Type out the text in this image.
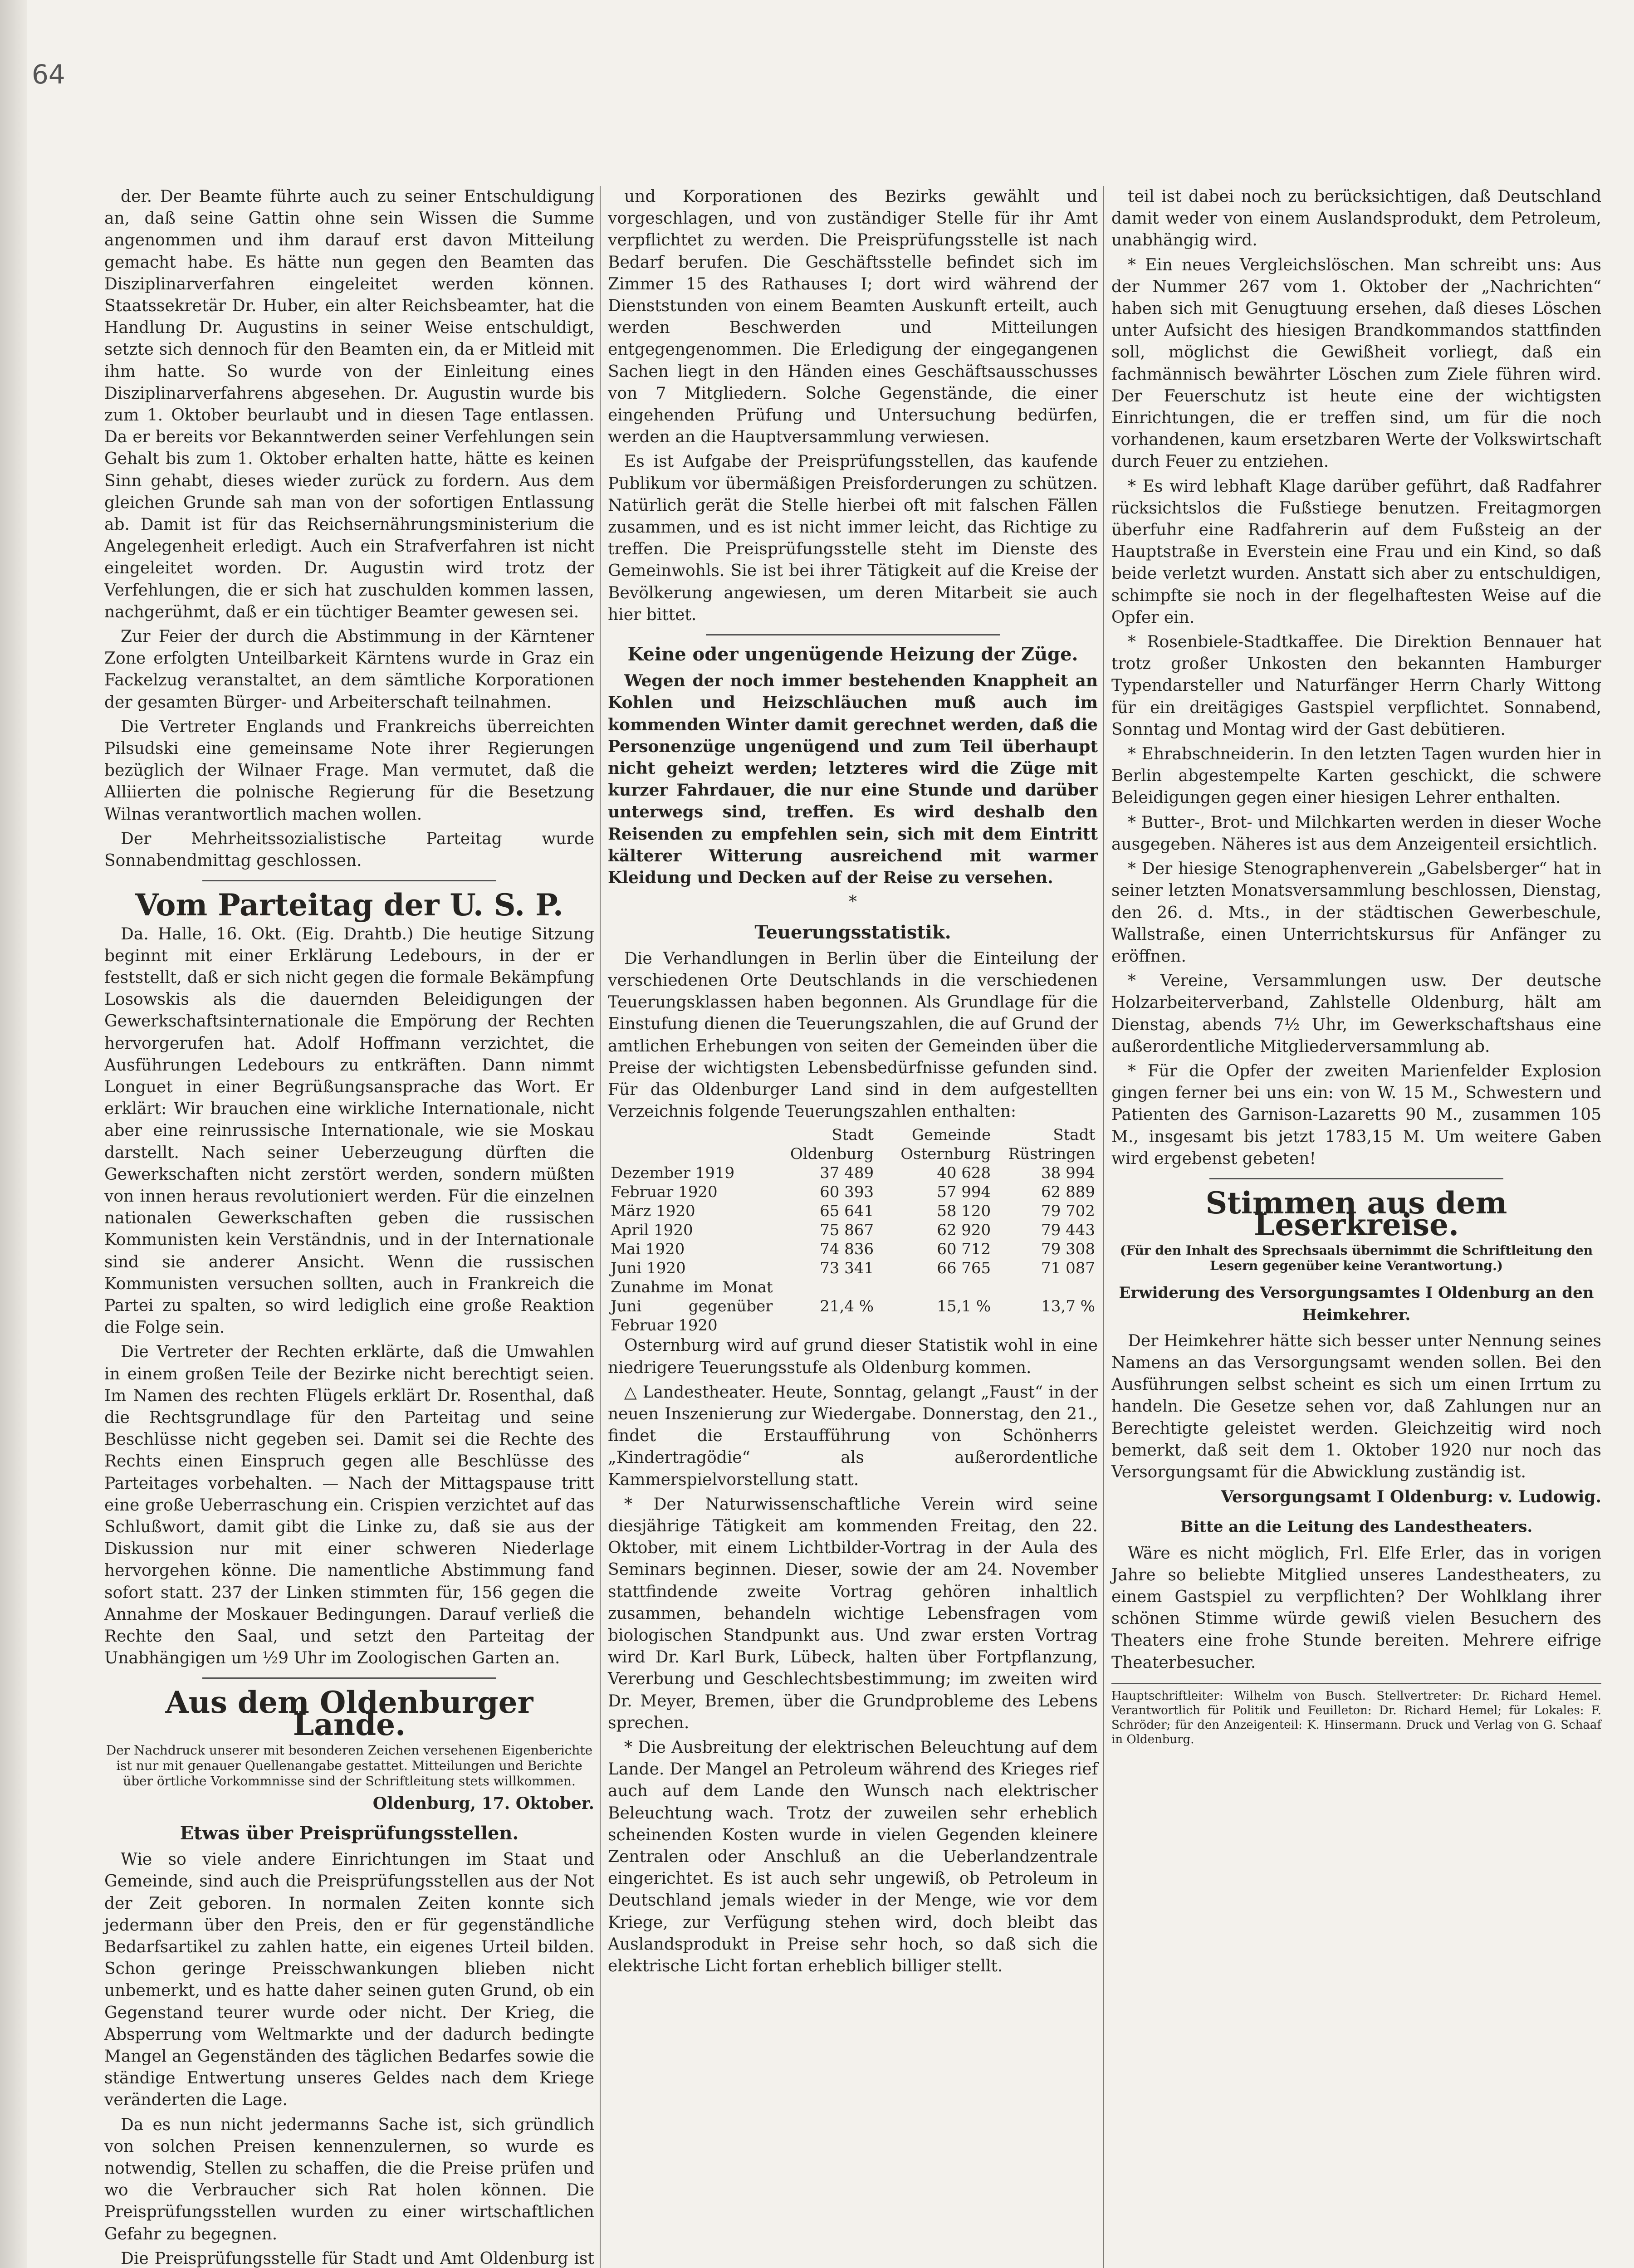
64

der. Der Beamte führte auch zu seiner Entschuldigung an, daß seine Gattin ohne sein Wissen die Summe angenommen und ihm darauf erst davon Mitteilung gemacht habe. Es hätte nun gegen den Beamten das Disziplinarverfahren eingeleitet werden können. Staatssekretär Dr. Huber, ein alter Reichsbeamter, hat die Handlung Dr. Augustins in seiner Weise entschuldigt, setzte sich dennoch für den Beamten ein, da er Mitleid mit ihm hatte. So wurde von der Einleitung eines Disziplinarverfahrens abgesehen. Dr. Augustin wurde bis zum 1. Oktober beurlaubt und in diesen Tage entlassen. Da er bereits vor Bekanntwerden seiner Verfehlungen sein Gehalt bis zum 1. Oktober erhalten hatte, hätte es keinen Sinn gehabt, dieses wieder zurück zu fordern. Aus dem gleichen Grunde sah man von der sofortigen Entlassung ab. Damit ist für das Reichsernährungsministerium die Angelegenheit erledigt. Auch ein Strafverfahren ist nicht eingeleitet worden. Dr. Augustin wird trotz der Verfehlungen, die er sich hat zuschulden kommen lassen, nachgerühmt, daß er ein tüchtiger Beamter gewesen sei.

Zur Feier der durch die Abstimmung in der Kärntener Zone erfolgten Unteilbarkeit Kärntens wurde in Graz ein Fackelzug veranstaltet, an dem sämtliche Korporationen der gesamten Bürger- und Arbeiterschaft teilnahmen.

Die Vertreter Englands und Frankreichs überreichten Pilsudski eine gemeinsame Note ihrer Regierungen bezüglich der Wilnaer Frage. Man vermutet, daß die Alliierten die polnische Regierung für die Besetzung Wilnas verantwortlich machen wollen.

Der Mehrheitssozialistische Parteitag wurde Sonnabendmittag geschlossen.

Vom Parteitag der U. S. P.

Da. Halle, 16. Okt. (Eig. Drahtb.) Die heutige Sitzung beginnt mit einer Erklärung Ledebours, in der er feststellt, daß er sich nicht gegen die formale Bekämpfung Losowskis als die dauernden Beleidigungen der Gewerkschaftsinternationale die Empörung der Rechten hervorgerufen hat. Adolf Hoffmann verzichtet, die Ausführungen Ledebours zu entkräften. Dann nimmt Longuet in einer Begrüßungsansprache das Wort. Er erklärt: Wir brauchen eine wirkliche Internationale, nicht aber eine reinrussische Internationale, wie sie Moskau darstellt. Nach seiner Ueberzeugung dürften die Gewerkschaften nicht zerstört werden, sondern müßten von innen heraus revolutioniert werden. Für die einzelnen nationalen Gewerkschaften geben die russischen Kommunisten kein Verständnis, und in der Internationale sind sie anderer Ansicht. Wenn die russischen Kommunisten versuchen sollten, auch in Frankreich die Partei zu spalten, so wird lediglich eine große Reaktion die Folge sein.

Die Vertreter der Rechten erklärte, daß die Umwahlen in einem großen Teile der Bezirke nicht berechtigt seien. Im Namen des rechten Flügels erklärt Dr. Rosenthal, daß die Rechtsgrundlage für den Parteitag und seine Beschlüsse nicht gegeben sei. Damit sei die Rechte des Rechts einen Einspruch gegen alle Beschlüsse des Parteitages vorbehalten. — Nach der Mittagspause tritt eine große Ueberraschung ein. Crispien verzichtet auf das Schlußwort, damit gibt die Linke zu, daß sie aus der Diskussion nur mit einer schweren Niederlage hervorgehen könne. Die namentliche Abstimmung fand sofort statt. 237 der Linken stimmten für, 156 gegen die Annahme der Moskauer Bedingungen. Darauf verließ die Rechte den Saal, und setzt den Parteitag der Unabhängigen um ½9 Uhr im Zoologischen Garten an.

Aus dem Oldenburger Lande.
Der Nachdruck unserer mit besonderen Zeichen versehenen Eigenberichte ist nur mit genauer Quellenangabe gestattet. Mitteilungen und Berichte über örtliche Vorkommnisse sind der Schriftleitung stets willkommen.
Oldenburg, 17. Oktober.
Etwas über Preisprüfungsstellen.

Wie so viele andere Einrichtungen im Staat und Gemeinde, sind auch die Preisprüfungsstellen aus der Not der Zeit geboren. In normalen Zeiten konnte sich jedermann über den Preis, den er für gegenständliche Bedarfsartikel zu zahlen hatte, ein eigenes Urteil bilden. Schon geringe Preisschwankungen blieben nicht unbemerkt, und es hatte daher seinen guten Grund, ob ein Gegenstand teurer wurde oder nicht. Der Krieg, die Absperrung vom Weltmarkte und der dadurch bedingte Mangel an Gegenständen des täglichen Bedarfes sowie die ständige Entwertung unseres Geldes nach dem Kriege veränderten die Lage.

Da es nun nicht jedermanns Sache ist, sich gründlich von solchen Preisen kennenzulernen, so wurde es notwendig, Stellen zu schaffen, die die Preise prüfen und wo die Verbraucher sich Rat holen können. Die Preisprüfungsstellen wurden zu einer wirtschaftlichen Gefahr zu begegnen.

Die Preisprüfungsstelle für Stadt und Amt Oldenburg ist

und Korporationen des Bezirks gewählt und vorgeschlagen, und von zuständiger Stelle für ihr Amt verpflichtet zu werden. Die Preisprüfungsstelle ist nach Bedarf berufen. Die Geschäftsstelle befindet sich im Zimmer 15 des Rathauses I; dort wird während der Dienststunden von einem Beamten Auskunft erteilt, auch werden Beschwerden und Mitteilungen entgegengenommen. Die Erledigung der eingegangenen Sachen liegt in den Händen eines Geschäftsausschusses von 7 Mitgliedern. Solche Gegenstände, die einer eingehenden Prüfung und Untersuchung bedürfen, werden an die Hauptversammlung verwiesen.

Es ist Aufgabe der Preisprüfungsstellen, das kaufende Publikum vor übermäßigen Preisforderungen zu schützen. Natürlich gerät die Stelle hierbei oft mit falschen Fällen zusammen, und es ist nicht immer leicht, das Richtige zu treffen. Die Preisprüfungsstelle steht im Dienste des Gemeinwohls. Sie ist bei ihrer Tätigkeit auf die Kreise der Bevölkerung angewiesen, um deren Mitarbeit sie auch hier bittet.

Keine oder ungenügende Heizung der Züge.

Wegen der noch immer bestehenden Knappheit an Kohlen und Heizschläuchen muß auch im kommenden Winter damit gerechnet werden, daß die Personenzüge ungenügend und zum Teil überhaupt nicht geheizt werden; letzteres wird die Züge mit kurzer Fahrdauer, die nur eine Stunde und darüber unterwegs sind, treffen. Es wird deshalb den Reisenden zu empfehlen sein, sich mit dem Eintritt kälterer Witterung ausreichend mit warmer Kleidung und Decken auf der Reise zu versehen.

*
Teuerungsstatistik.

Die Verhandlungen in Berlin über die Einteilung der verschiedenen Orte Deutschlands in die verschiedenen Teuerungsklassen haben begonnen. Als Grundlage für die Einstufung dienen die Teuerungszahlen, die auf Grund der amtlichen Erhebungen von seiten der Gemeinden über die Preise der wichtigsten Lebensbedürfnisse gefunden sind. Für das Oldenburger Land sind in dem aufgestellten Verzeichnis folgende Teuerungszahlen enthalten:

	Stadt Oldenburg	Gemeinde Osternburg	Stadt Rüstringen
Dezember 1919	37 489	40 628	38 994
Februar 1920	60 393	57 994	62 889
März 1920	65 641	58 120	79 702
April 1920	75 867	62 920	79 443
Mai 1920	74 836	60 712	79 308
Juni 1920	73 341	66 765	71 087
Zunahme im Monat Juni gegenüber Februar 1920	21,4 %	15,1 %	13,7 %

Osternburg wird auf grund dieser Statistik wohl in eine niedrigere Teuerungsstufe als Oldenburg kommen.

△ Landestheater. Heute, Sonntag, gelangt „Faust“ in der neuen Inszenierung zur Wiedergabe. Donnerstag, den 21., findet die Erstaufführung von Schönherrs „Kindertragödie“ als außerordentliche Kammerspielvorstellung statt.

* Der Naturwissenschaftliche Verein wird seine diesjährige Tätigkeit am kommenden Freitag, den 22. Oktober, mit einem Lichtbilder-Vortrag in der Aula des Seminars beginnen. Dieser, sowie der am 24. November stattfindende zweite Vortrag gehören inhaltlich zusammen, behandeln wichtige Lebensfragen vom biologischen Standpunkt aus. Und zwar ersten Vortrag wird Dr. Karl Burk, Lübeck, halten über Fortpflanzung, Vererbung und Geschlechtsbestimmung; im zweiten wird Dr. Meyer, Bremen, über die Grundprobleme des Lebens sprechen.

* Die Ausbreitung der elektrischen Beleuchtung auf dem Lande. Der Mangel an Petroleum während des Krieges rief auch auf dem Lande den Wunsch nach elektrischer Beleuchtung wach. Trotz der zuweilen sehr erheblich scheinenden Kosten wurde in vielen Gegenden kleinere Zentralen oder Anschluß an die Ueberlandzentrale eingerichtet. Es ist auch sehr ungewiß, ob Petroleum in Deutschland jemals wieder in der Menge, wie vor dem Kriege, zur Verfügung stehen wird, doch bleibt das Auslandsprodukt in Preise sehr hoch, so daß sich die elektrische Licht fortan erheblich billiger stellt.

teil ist dabei noch zu berücksichtigen, daß Deutschland damit weder von einem Auslandsprodukt, dem Petroleum, unabhängig wird.

* Ein neues Vergleichslöschen. Man schreibt uns: Aus der Nummer 267 vom 1. Oktober der „Nachrichten“ haben sich mit Genugtuung ersehen, daß dieses Löschen unter Aufsicht des hiesigen Brandkommandos stattfinden soll, möglichst die Gewißheit vorliegt, daß ein fachmännisch bewährter Löschen zum Ziele führen wird. Der Feuerschutz ist heute eine der wichtigsten Einrichtungen, die er treffen sind, um für die noch vorhandenen, kaum ersetzbaren Werte der Volkswirtschaft durch Feuer zu entziehen.

* Es wird lebhaft Klage darüber geführt, daß Radfahrer rücksichtslos die Fußstiege benutzen. Freitagmorgen überfuhr eine Radfahrerin auf dem Fußsteig an der Hauptstraße in Everstein eine Frau und ein Kind, so daß beide verletzt wurden. Anstatt sich aber zu entschuldigen, schimpfte sie noch in der flegelhaftesten Weise auf die Opfer ein.

* Rosenbiele-Stadtkaffee. Die Direktion Bennauer hat trotz großer Unkosten den bekannten Hamburger Typendarsteller und Naturfänger Herrn Charly Wittong für ein dreitägiges Gastspiel verpflichtet. Sonnabend, Sonntag und Montag wird der Gast debütieren.

* Ehrabschneiderin. In den letzten Tagen wurden hier in Berlin abgestempelte Karten geschickt, die schwere Beleidigungen gegen einer hiesigen Lehrer enthalten.

* Butter-, Brot- und Milchkarten werden in dieser Woche ausgegeben. Näheres ist aus dem Anzeigenteil ersichtlich.

* Der hiesige Stenographenverein „Gabelsberger“ hat in seiner letzten Monatsversammlung beschlossen, Dienstag, den 26. d. Mts., in der städtischen Gewerbeschule, Wallstraße, einen Unterrichtskursus für Anfänger zu eröffnen.

* Vereine, Versammlungen usw. Der deutsche Holzarbeiterverband, Zahlstelle Oldenburg, hält am Dienstag, abends 7½ Uhr, im Gewerkschaftshaus eine außerordentliche Mitgliederversammlung ab.

* Für die Opfer der zweiten Marienfelder Explosion gingen ferner bei uns ein: von W. 15 M., Schwestern und Patienten des Garnison-Lazaretts 90 M., zusammen 105 M., insgesamt bis jetzt 1783,15 M. Um weitere Gaben wird ergebenst gebeten!

Stimmen aus dem Leserkreise.
(Für den Inhalt des Sprechsaals übernimmt die Schriftleitung den Lesern gegenüber keine Verantwortung.)
Erwiderung des Versorgungsamtes I Oldenburg an den Heimkehrer.

Der Heimkehrer hätte sich besser unter Nennung seines Namens an das Versorgungsamt wenden sollen. Bei den Ausführungen selbst scheint es sich um einen Irrtum zu handeln. Die Gesetze sehen vor, daß Zahlungen nur an Berechtigte geleistet werden. Gleichzeitig wird noch bemerkt, daß seit dem 1. Oktober 1920 nur noch das Versorgungsamt für die Abwicklung zuständig ist.

Versorgungsamt I Oldenburg: v. Ludowig.

Bitte an die Leitung des Landestheaters.

Wäre es nicht möglich, Frl. Elfe Erler, das in vorigen Jahre so beliebte Mitglied unseres Landestheaters, zu einem Gastspiel zu verpflichten? Der Wohlklang ihrer schönen Stimme würde gewiß vielen Besuchern des Theaters eine frohe Stunde bereiten. Mehrere eifrige Theaterbesucher.

Hauptschriftleiter: Wilhelm von Busch. Stellvertreter: Dr. Richard Hemel. Verantwortlich für Politik und Feuilleton: Dr. Richard Hemel; für Lokales: F. Schröder; für den Anzeigenteil: K. Hinsermann. Druck und Verlag von G. Schaaf in Oldenburg.
